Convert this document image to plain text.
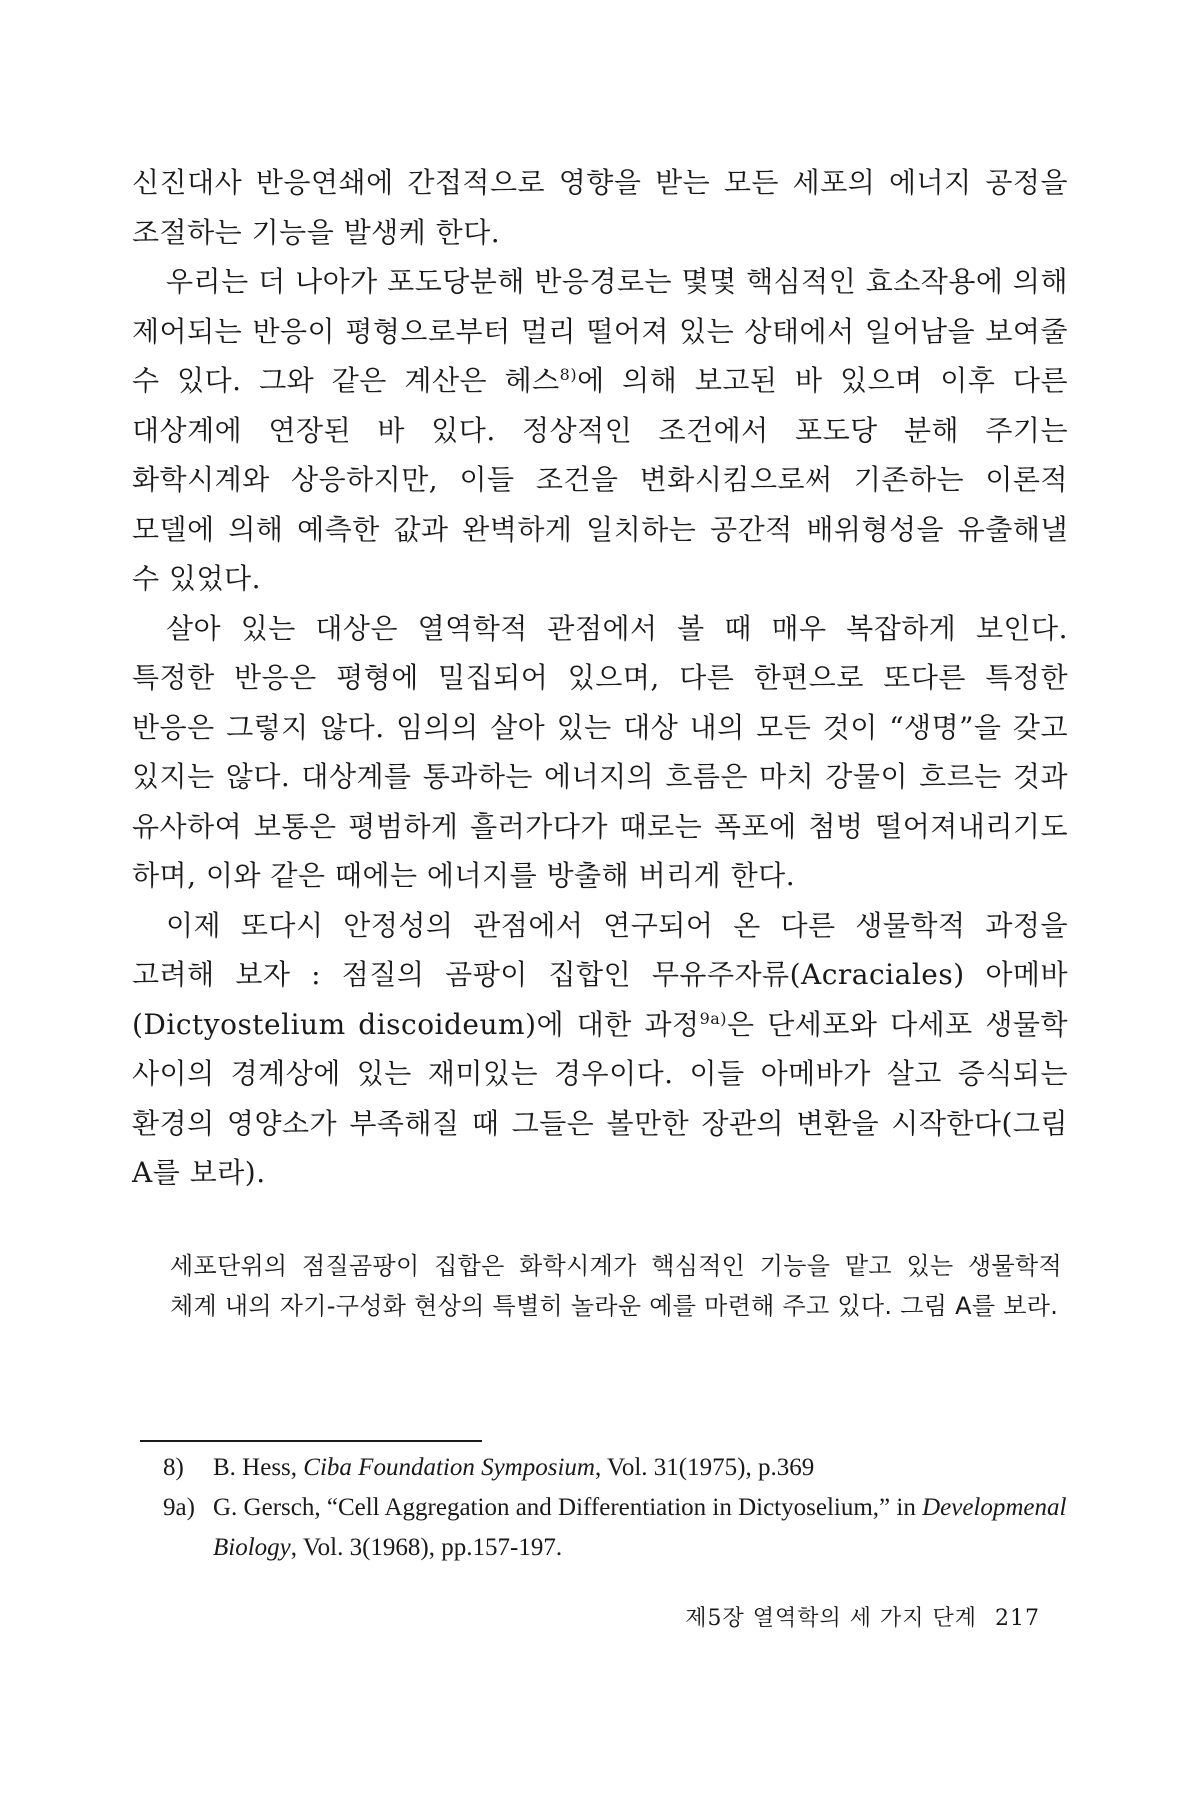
신진대사 반응연쇄에 간접적으로 영향을 받는 모든 세포의 에너지 공정을
조절하는 기능을 발생케 한다.

우리는 더 나아가 포도당분해 반응경로는 몇몇 핵심적인 효소작용에 의해 제어되는 반응이 평형으로부터 멀리 떨어져 있는 상태에서 일어남을 보여줄 수 있다. 그와 같은 계산은 헤스$^{8)}$에 의해 보고된 바 있으며 이후 다른 대상계에 연장된 바 있다. 정상적인 조건에서 포도당 분해 주기는 화학시계와 상응하지만, 이들 조건을 변화시킴으로써 기존하는 이론적 모델에 의해 예측한 값과 완벽하게 일치하는 공간적 배위형성을 유출해낼 수 있었다.

살아 있는 대상은 열역학적 관점에서 볼 때 매우 복잡하게 보인다. 특정한 반응은 평형에 밀집되어 있으며, 다른 한편으로 또다른 특정한 반응은 그렇지 않다. 임의의 살아 있는 대상 내의 모든 것이 “생명”을 갖고 있지는 않다. 대상계를 통과하는 에너지의 흐름은 마치 강물이 흐르는 것과 유사하여 보통은 평범하게 흘러가다가 때로는 폭포에 첨벙 떨어져내리기도 하며, 이와 같은 때에는 에너지를 방출해 버리게 한다.

이제 또다시 안정성의 관점에서 연구되어 온 다른 생물학적 과정을 고려해 보자 : 점질의 곰팡이 집합인 무유주자류(Acraciales) 아메바(Dictyostelium discoideum)에 대한 과정$^{9a)}$은 단세포와 다세포 생물학 사이의 경계상에 있는 재미있는 경우이다. 이들 아메바가 살고 증식되는 환경의 영양소가 부족해질 때 그들은 볼만한 장관의 변환을 시작한다(그림 A를 보라).

세포단위의 점질곰팡이 집합은 화학시계가 핵심적인 기능을 맡고 있는 생물학적 체계 내의 자기-구성화 현상의 특별히 놀라운 예를 마련해 주고 있다. 그림 A를 보라.

8) B. Hess, Ciba Foundation Symposium, Vol. 31(1975), p.369
9a) G. Gersch, “Cell Aggregation and Differentiation in Dictyoselium,” in Developmenal Biology, Vol. 3(1968), pp.157-197.
제5장 열역학의 세 가지 단계 217
